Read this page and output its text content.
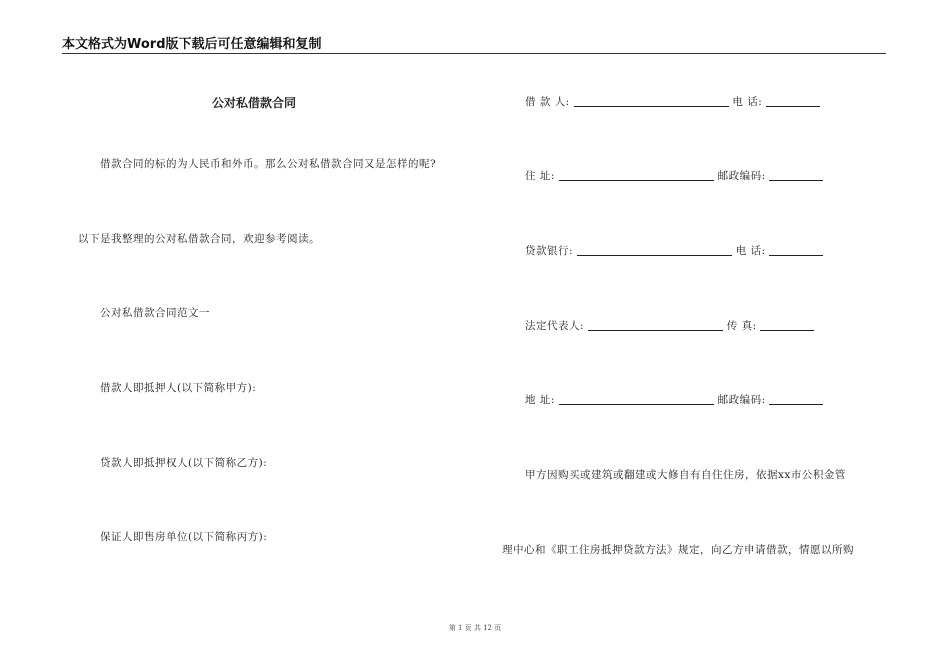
本文格式为Word版下载后可任意编辑和复制
公对私借款合同
借款合同的标的为人民币和外币。那么公对私借款合同又是怎样的呢?
以下是我整理的公对私借款合同，欢迎参考阅读。
公对私借款合同范文一
借款人即抵押人(以下简称甲方):
贷款人即抵押权人(以下简称乙方):
保证人即售房单位(以下简称丙方):
借 款 人:	电 话:
住 址:	邮政编码:
贷款银行:	电 话:
法定代表人:	传 真:
地 址:	邮政编码:
甲方因购买或建筑或翻建或大修自有自住住房，依据xx市公积金管
理中心和《职工住房抵押贷款方法》规定，向乙方申请借款，情愿以所购
第 1 页 共 12 页
